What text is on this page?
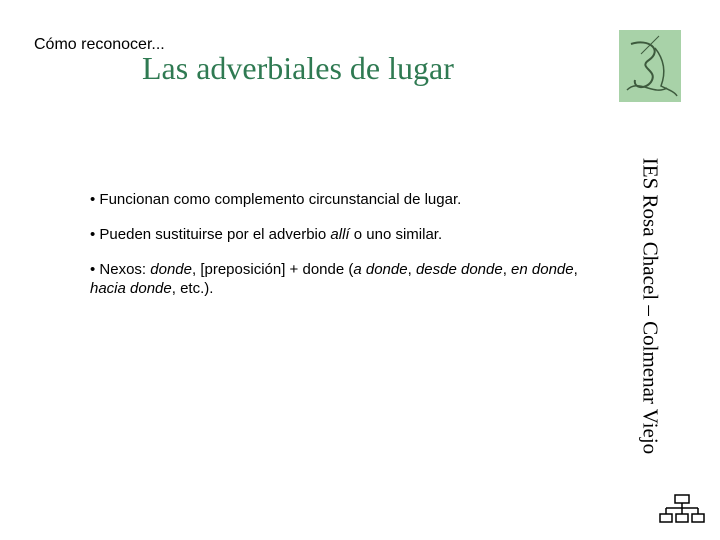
Cómo reconocer...
Las adverbiales de lugar

• Funcionan como complemento circunstancial de lugar.

• Pueden sustituirse por el adverbio allí o uno similar.

• Nexos: donde, [preposición] + donde (a donde, desde donde, en donde, hacia donde, etc.).	IES Rosa Chacel – Colmenar Viejo
